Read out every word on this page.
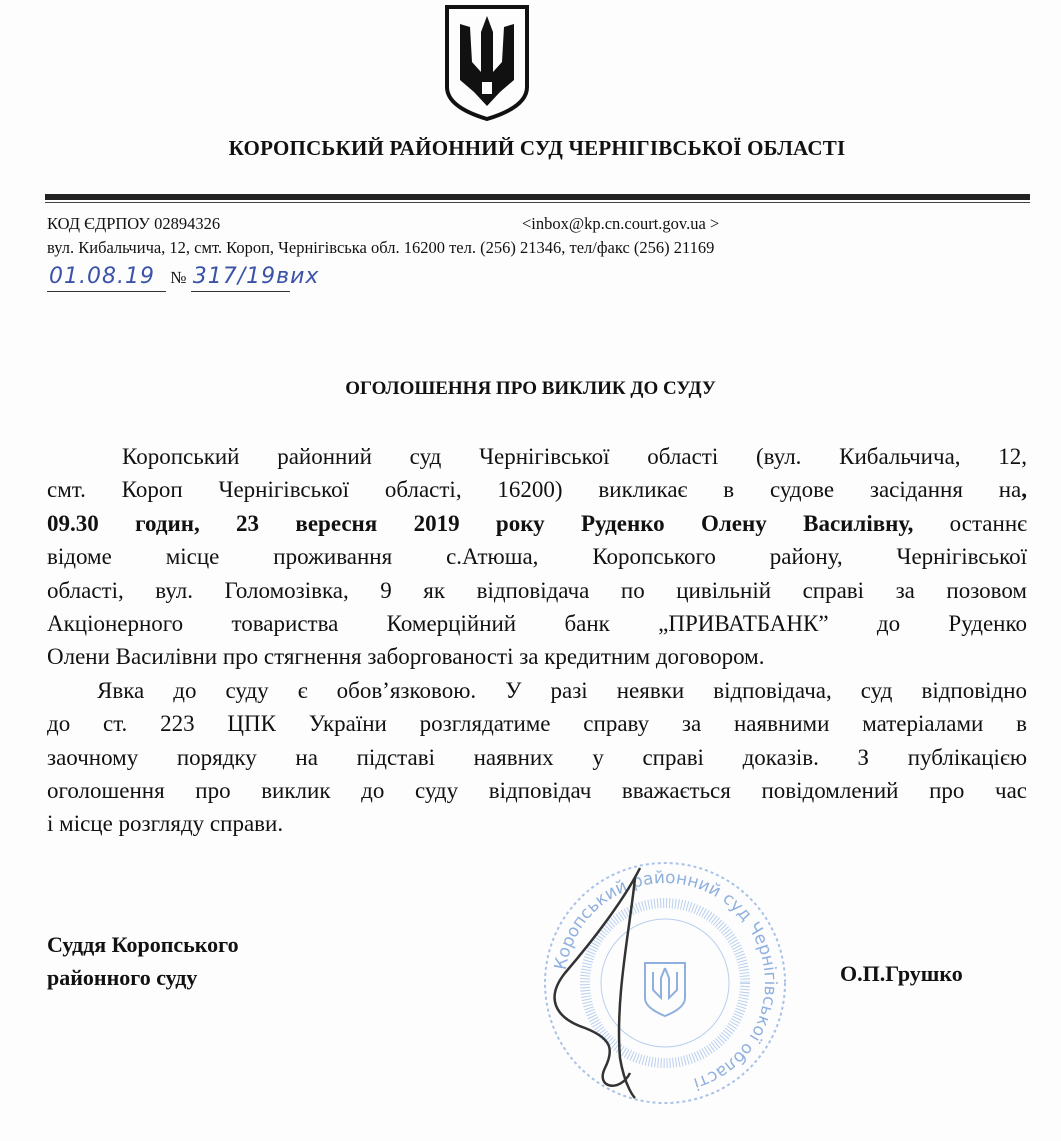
КОРОПСЬКИЙ РАЙОННИЙ СУД ЧЕРНІГІВСЬКОЇ ОБЛАСТІ
КОД ЄДРПОУ 02894326	<inbox@kp.cn.court.gov.ua >
вул. Кибальчича, 12, смт. Короп, Чернігівська обл. 16200 тел. (256) 21346, тел/факс (256) 21169
01.08.19 № 317/19вих
ОГОЛОШЕННЯ ПРО ВИКЛИК ДО СУДУ
Коропський районний суд Чернігівської області (вул. Кибальчича, 12,
смт. Короп Чернігівської області, 16200) викликає в судове засідання на,
09.30 годин, 23 вересня 2019 року Руденко Олену Василівну, останнє
відоме місце проживання с.Атюша, Коропського району, Чернігівської
області, вул. Голомозівка, 9 як відповідача по цивільній справі за позовом
Акціонерного товариства Комерційний банк „ПРИВАТБАНК” до Руденко
Олени Василівни про стягнення заборгованості за кредитним договором.
Явка до суду є обов’язковою. У разі неявки відповідача, суд відповідно
до ст. 223 ЦПК України розглядатиме справу за наявними матеріалами в
заочному порядку на підставі наявних у справі доказів. З публікацією
оголошення про виклик до суду відповідач вважається повідомлений про час
і місце розгляду справи.
Коропський районний суд Чернігівської області
Суддя Коропського
районного суду	О.П.Грушко
